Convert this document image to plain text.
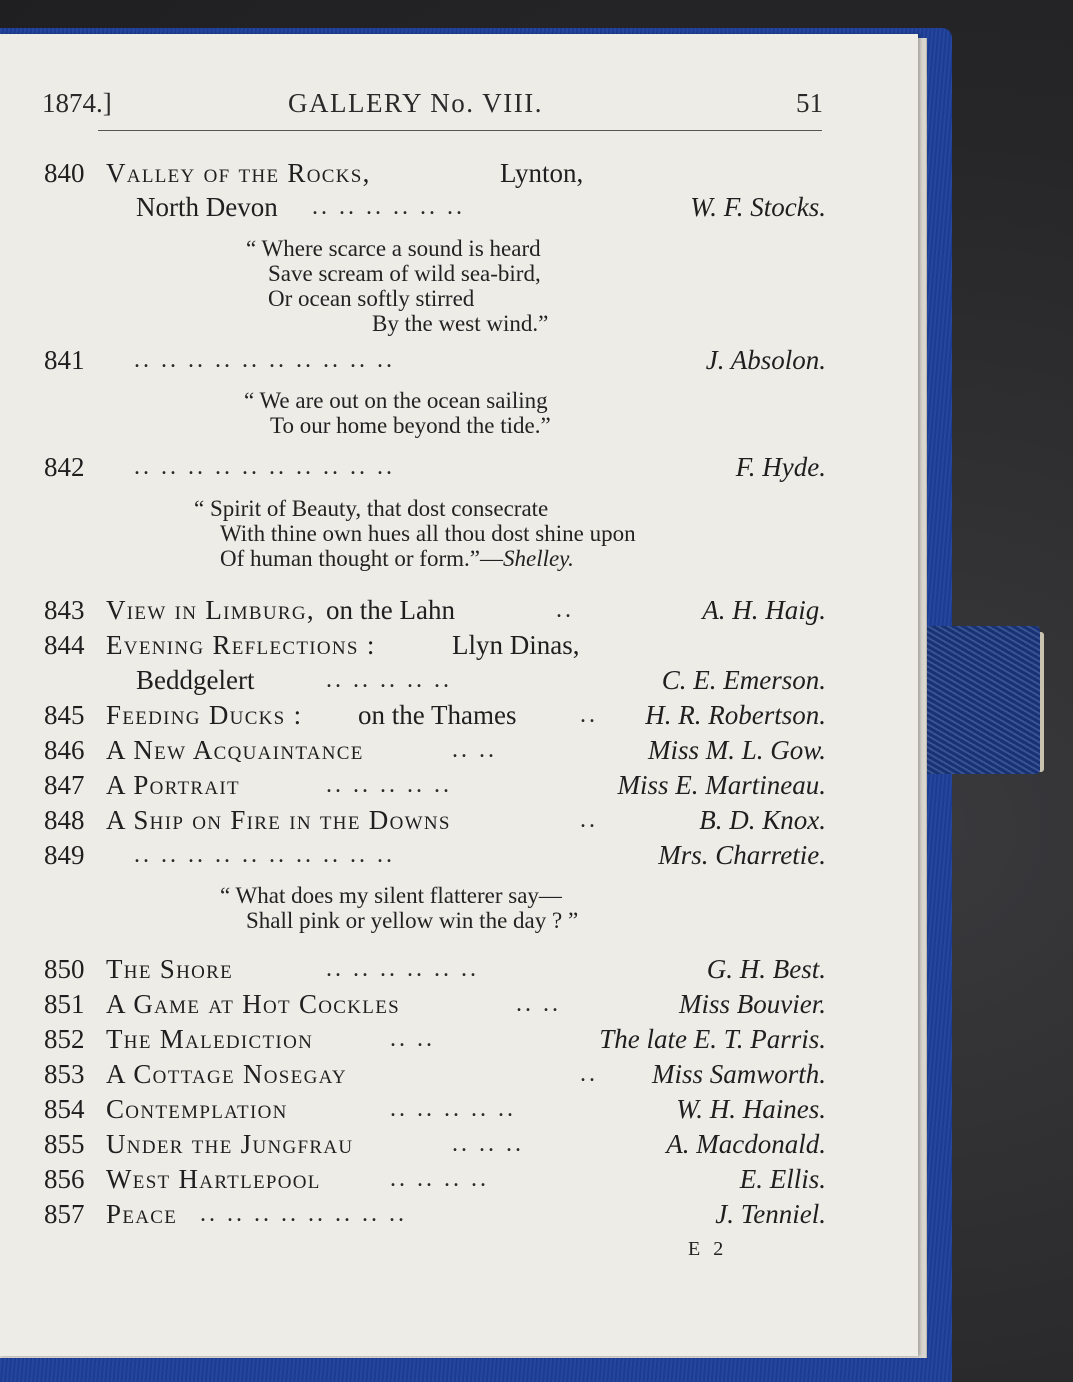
1874.]	GALLERY No. VIII.	51
840 Valley of the Rocks,	Lynton,
North Devon .. .. .. .. .. ..	W. F. Stocks.
“ Where scarce a sound is heard
Save scream of wild sea-bird,
Or ocean softly stirred
By the west wind.”
841 .. .. .. .. .. .. .. .. .. ..	J. Absolon.
“ We are out on the ocean sailing
To our home beyond the tide.”
842 .. .. .. .. .. .. .. .. .. ..	F. Hyde.
“ Spirit of Beauty, that dost consecrate
With thine own hues all thou dost shine upon
Of human thought or form.”—Shelley.
843 View in Limburg, on the Lahn	..	A. H. Haig.
844 Evening Reflections :	Llyn Dinas,
Beddgelert	.. .. .. .. ..	C. E. Emerson.
845 Feeding Ducks : on the Thames	.. H. R. Robertson.
846 A New Acquaintance	.. ..	Miss M. L. Gow.
847 A Portrait	.. .. .. .. ..	Miss E. Martineau.
848 A Ship on Fire in the Downs	..	B. D. Knox.
849 .. .. .. .. .. .. .. .. .. ..	Mrs. Charretie.
“ What does my silent flatterer say—
Shall pink or yellow win the day ? ”
850 The Shore	.. .. .. .. .. ..	G. H. Best.
851 A Game at Hot Cockles	.. ..	Miss Bouvier.
852 The Malediction	.. ..	The late E. T. Parris.
853 A Cottage Nosegay	.. Miss Samworth.
854 Contemplation	.. .. .. .. ..	W. H. Haines.
855 Under the Jungfrau	.. .. ..	A. Macdonald.
856 West Hartlepool	.. .. .. ..	E. Ellis.
857 Peace .. .. .. .. .. .. .. ..	J. Tenniel.
E 2
